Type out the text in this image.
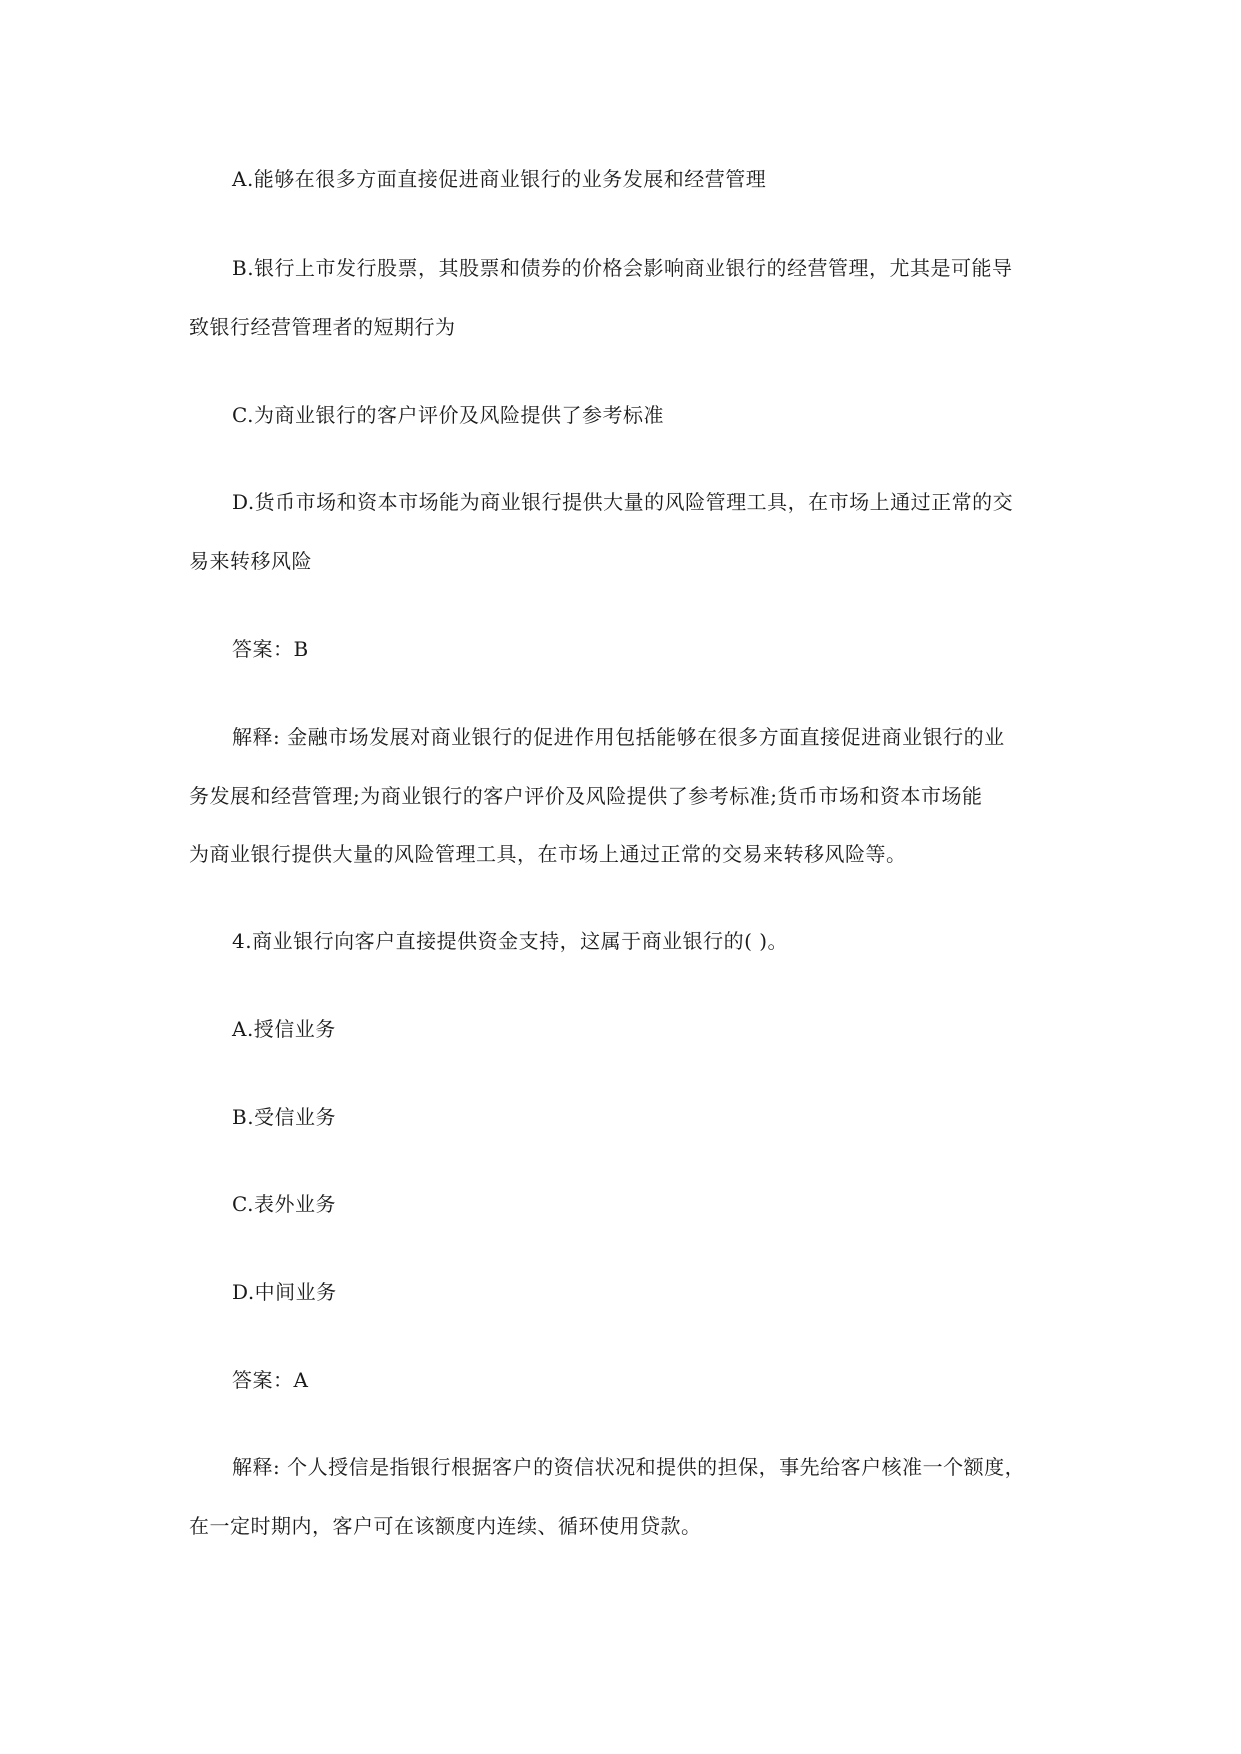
A.能够在很多方面直接促进商业银行的业务发展和经营管理
B.银行上市发行股票，其股票和债券的价格会影响商业银行的经营管理，尤其是可能导
致银行经营管理者的短期行为
C.为商业银行的客户评价及风险提供了参考标准
D.货币市场和资本市场能为商业银行提供大量的风险管理工具，在市场上通过正常的交
易来转移风险
答案：B
解释: 金融市场发展对商业银行的促进作用包括能够在很多方面直接促进商业银行的业
务发展和经营管理;为商业银行的客户评价及风险提供了参考标准;货币市场和资本市场能
为商业银行提供大量的风险管理工具，在市场上通过正常的交易来转移风险等。
4.商业银行向客户直接提供资金支持，这属于商业银行的( )。
A.授信业务
B.受信业务
C.表外业务
D.中间业务
答案：A
解释: 个人授信是指银行根据客户的资信状况和提供的担保，事先给客户核准一个额度，
在一定时期内，客户可在该额度内连续、循环使用贷款。
